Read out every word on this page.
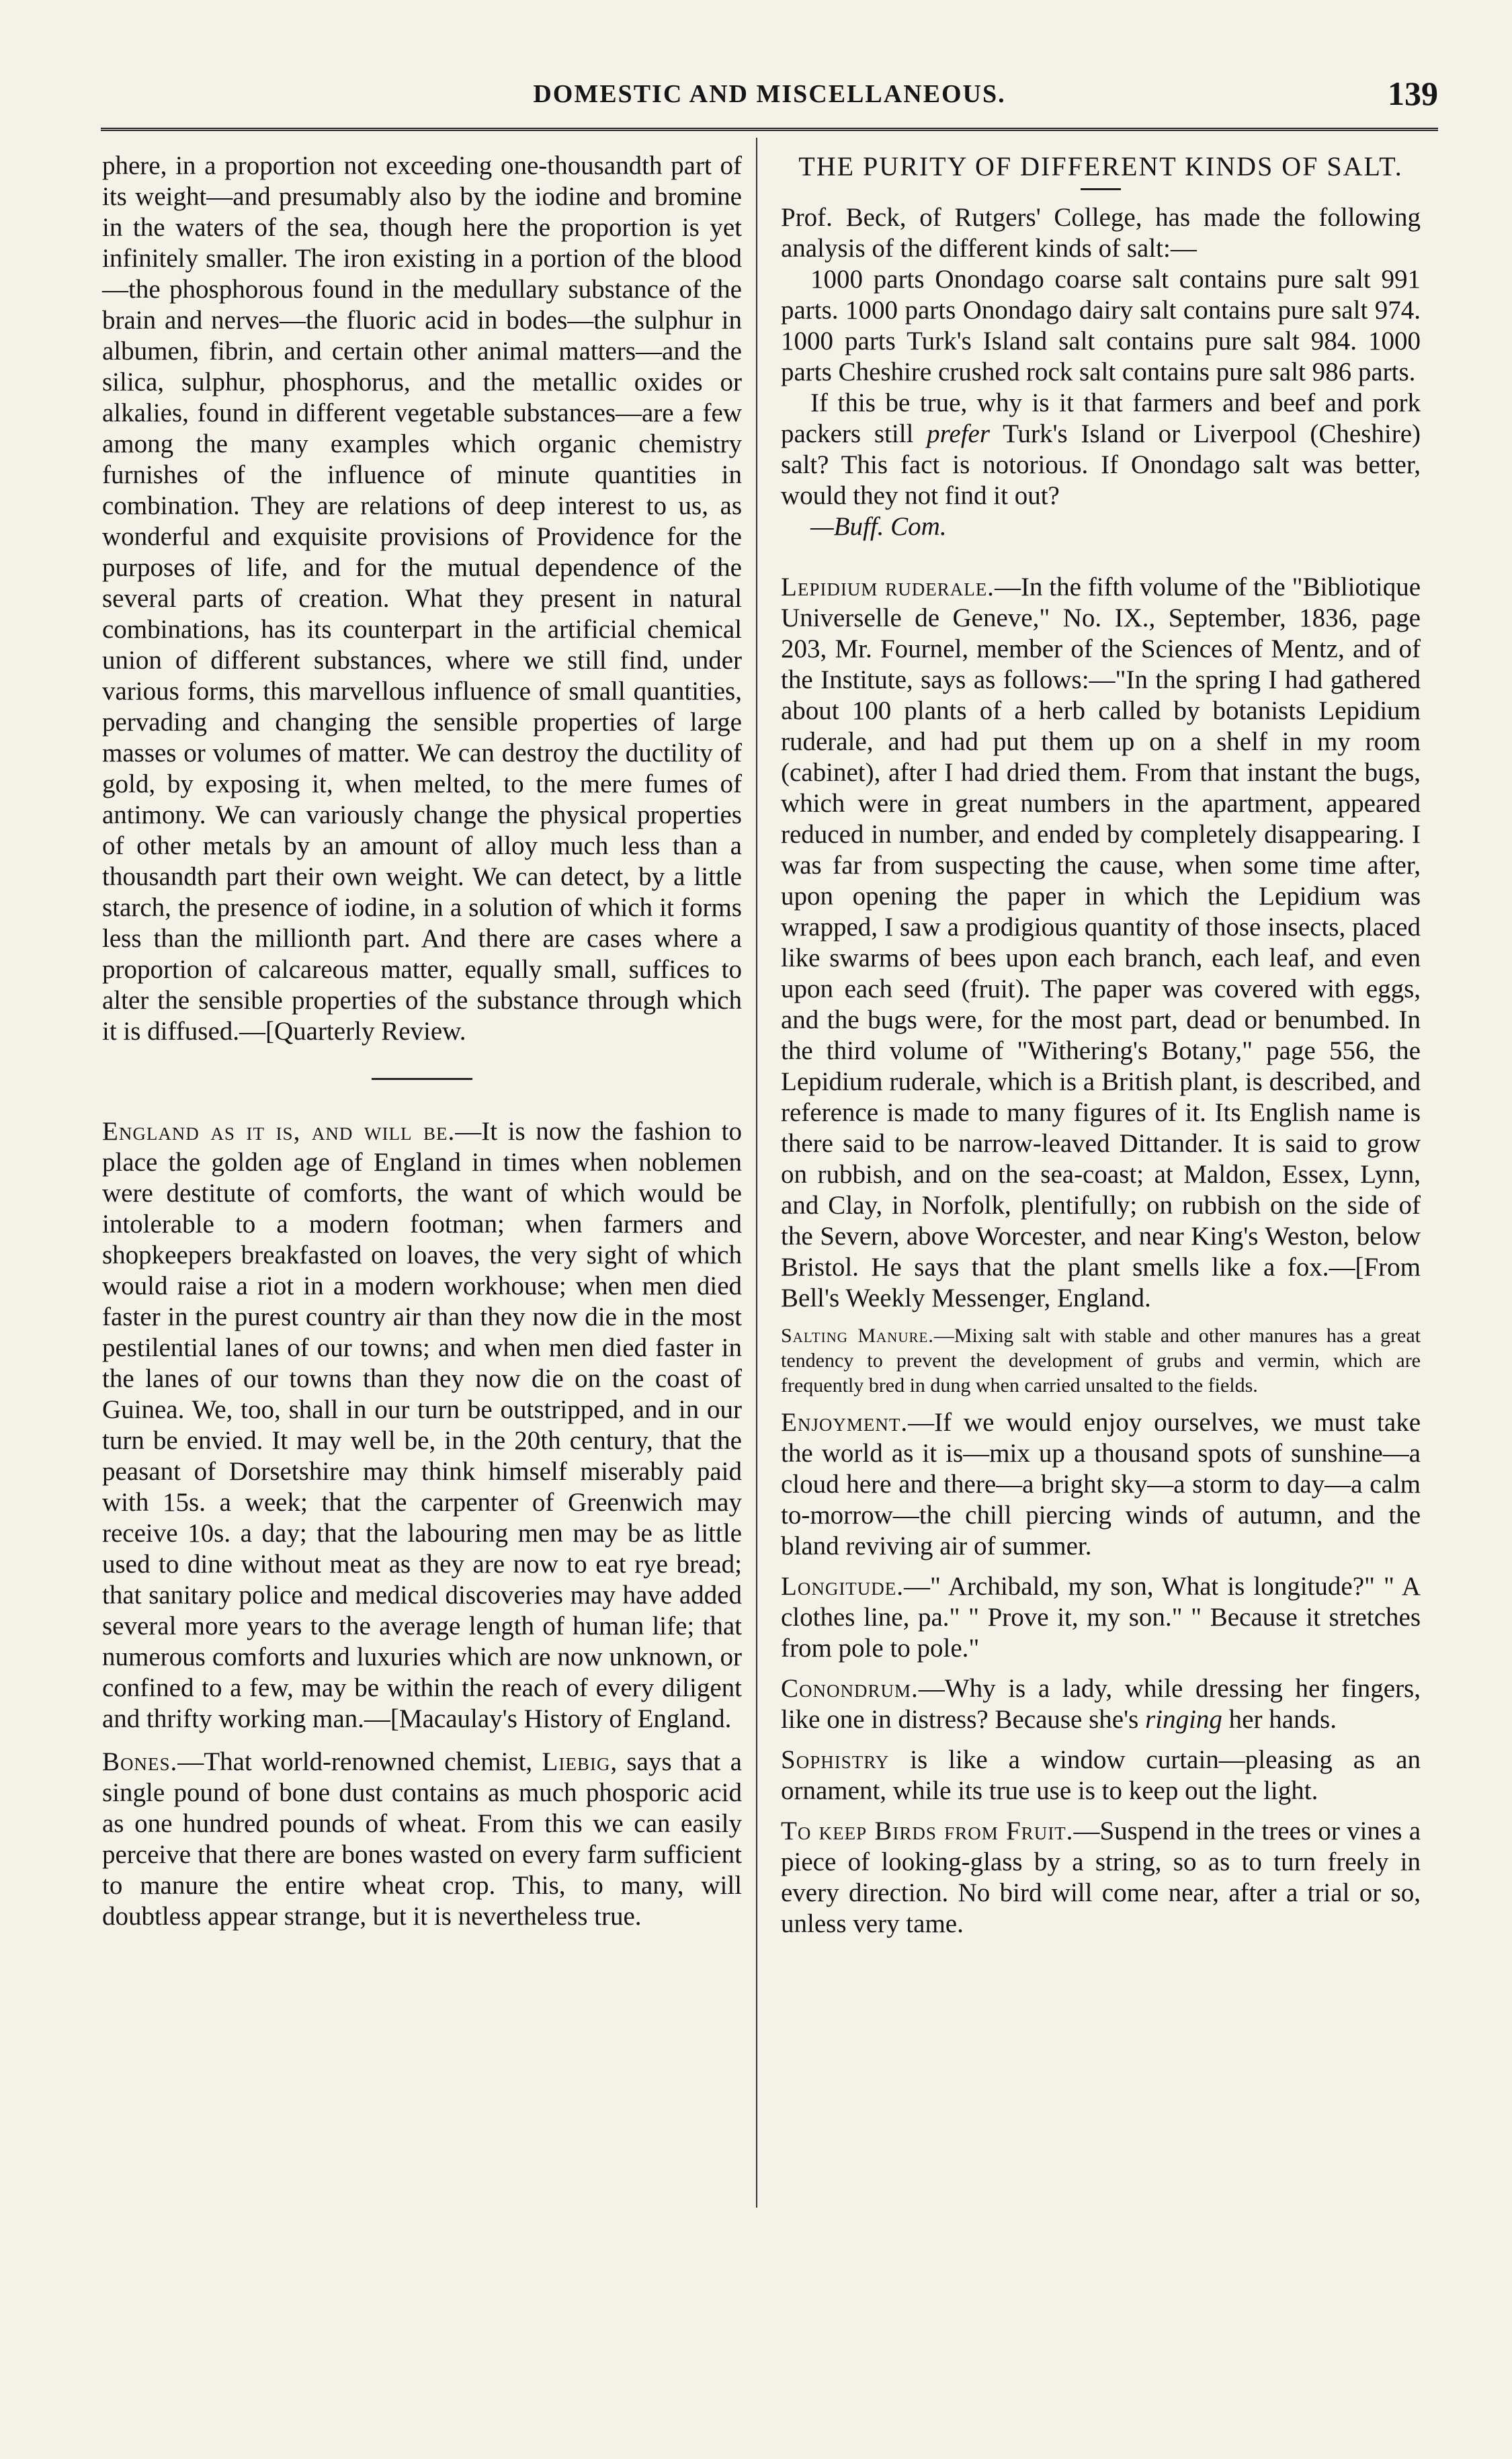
DOMESTIC AND MISCELLANEOUS.	139

phere, in a proportion not exceeding one-thousandth part of its weight—and presumably also by the iodine and bromine in the waters of the sea, though here the proportion is yet infinitely smaller. The iron existing in a portion of the blood—the phosphorous found in the medullary substance of the brain and nerves—the fluoric acid in bodes—the sulphur in albumen, fibrin, and certain other animal matters—and the silica, sulphur, phosphorus, and the metallic oxides or alkalies, found in different vegetable substances—are a few among the many examples which organic chemistry furnishes of the influence of minute quantities in combination. They are relations of deep interest to us, as wonderful and exquisite provisions of Providence for the purposes of life, and for the mutual dependence of the several parts of creation. What they present in natural combinations, has its counterpart in the artificial chemical union of different substances, where we still find, under various forms, this marvellous influence of small quantities, pervading and changing the sensible properties of large masses or volumes of matter. We can destroy the ductility of gold, by exposing it, when melted, to the mere fumes of antimony. We can variously change the physical properties of other metals by an amount of alloy much less than a thousandth part their own weight. We can detect, by a little starch, the presence of iodine, in a solution of which it forms less than the millionth part. And there are cases where a proportion of calcareous matter, equally small, suffices to alter the sensible properties of the substance through which it is diffused.—[Quarterly Review.

England as it is, and will be.—It is now the fashion to place the golden age of England in times when noblemen were destitute of comforts, the want of which would be intolerable to a modern footman; when farmers and shopkeepers breakfasted on loaves, the very sight of which would raise a riot in a modern workhouse; when men died faster in the purest country air than they now die in the most pestilential lanes of our towns; and when men died faster in the lanes of our towns than they now die on the coast of Guinea. We, too, shall in our turn be outstripped, and in our turn be envied. It may well be, in the 20th century, that the peasant of Dorsetshire may think himself miserably paid with 15s. a week; that the carpenter of Greenwich may receive 10s. a day; that the labouring men may be as little used to dine without meat as they are now to eat rye bread; that sanitary police and medical discoveries may have added several more years to the average length of human life; that numerous comforts and luxuries which are now unknown, or confined to a few, may be within the reach of every diligent and thrifty working man.—[Macaulay's History of England.

Bones.—That world-renowned chemist, Liebig, says that a single pound of bone dust contains as much phosporic acid as one hundred pounds of wheat. From this we can easily perceive that there are bones wasted on every farm sufficient to manure the entire wheat crop. This, to many, will doubtless appear strange, but it is nevertheless true.

THE PURITY OF DIFFERENT KINDS OF SALT.

Prof. Beck, of Rutgers' College, has made the following analysis of the different kinds of salt:—

1000 parts Onondago coarse salt contains pure salt 991 parts. 1000 parts Onondago dairy salt contains pure salt 974. 1000 parts Turk's Island salt contains pure salt 984. 1000 parts Cheshire crushed rock salt contains pure salt 986 parts.

If this be true, why is it that farmers and beef and pork packers still prefer Turk's Island or Liverpool (Cheshire) salt? This fact is notorious. If Onondago salt was better, would they not find it out?

—Buff. Com.

Lepidium ruderale.—In the fifth volume of the "Bibliotique Universelle de Geneve," No. IX., September, 1836, page 203, Mr. Fournel, member of the Sciences of Mentz, and of the Institute, says as follows:—"In the spring I had gathered about 100 plants of a herb called by botanists Lepidium ruderale, and had put them up on a shelf in my room (cabinet), after I had dried them. From that instant the bugs, which were in great numbers in the apartment, appeared reduced in number, and ended by completely disappearing. I was far from suspecting the cause, when some time after, upon opening the paper in which the Lepidium was wrapped, I saw a prodigious quantity of those insects, placed like swarms of bees upon each branch, each leaf, and even upon each seed (fruit). The paper was covered with eggs, and the bugs were, for the most part, dead or benumbed. In the third volume of "Withering's Botany," page 556, the Lepidium ruderale, which is a British plant, is described, and reference is made to many figures of it. Its English name is there said to be narrow-leaved Dittander. It is said to grow on rubbish, and on the sea-coast; at Maldon, Essex, Lynn, and Clay, in Norfolk, plentifully; on rubbish on the side of the Severn, above Worcester, and near King's Weston, below Bristol. He says that the plant smells like a fox.—[From Bell's Weekly Messenger, England.

Salting Manure.—Mixing salt with stable and other manures has a great tendency to prevent the development of grubs and vermin, which are frequently bred in dung when carried unsalted to the fields.

Enjoyment.—If we would enjoy ourselves, we must take the world as it is—mix up a thousand spots of sunshine—a cloud here and there—a bright sky—a storm to day—a calm to-morrow—the chill piercing winds of autumn, and the bland reviving air of summer.

Longitude.—" Archibald, my son, What is longitude?" " A clothes line, pa." " Prove it, my son." " Because it stretches from pole to pole."

Conondrum.—Why is a lady, while dressing her fingers, like one in distress? Because she's ringing her hands.

Sophistry is like a window curtain—pleasing as an ornament, while its true use is to keep out the light.

To keep Birds from Fruit.—Suspend in the trees or vines a piece of looking-glass by a string, so as to turn freely in every direction. No bird will come near, after a trial or so, unless very tame.
